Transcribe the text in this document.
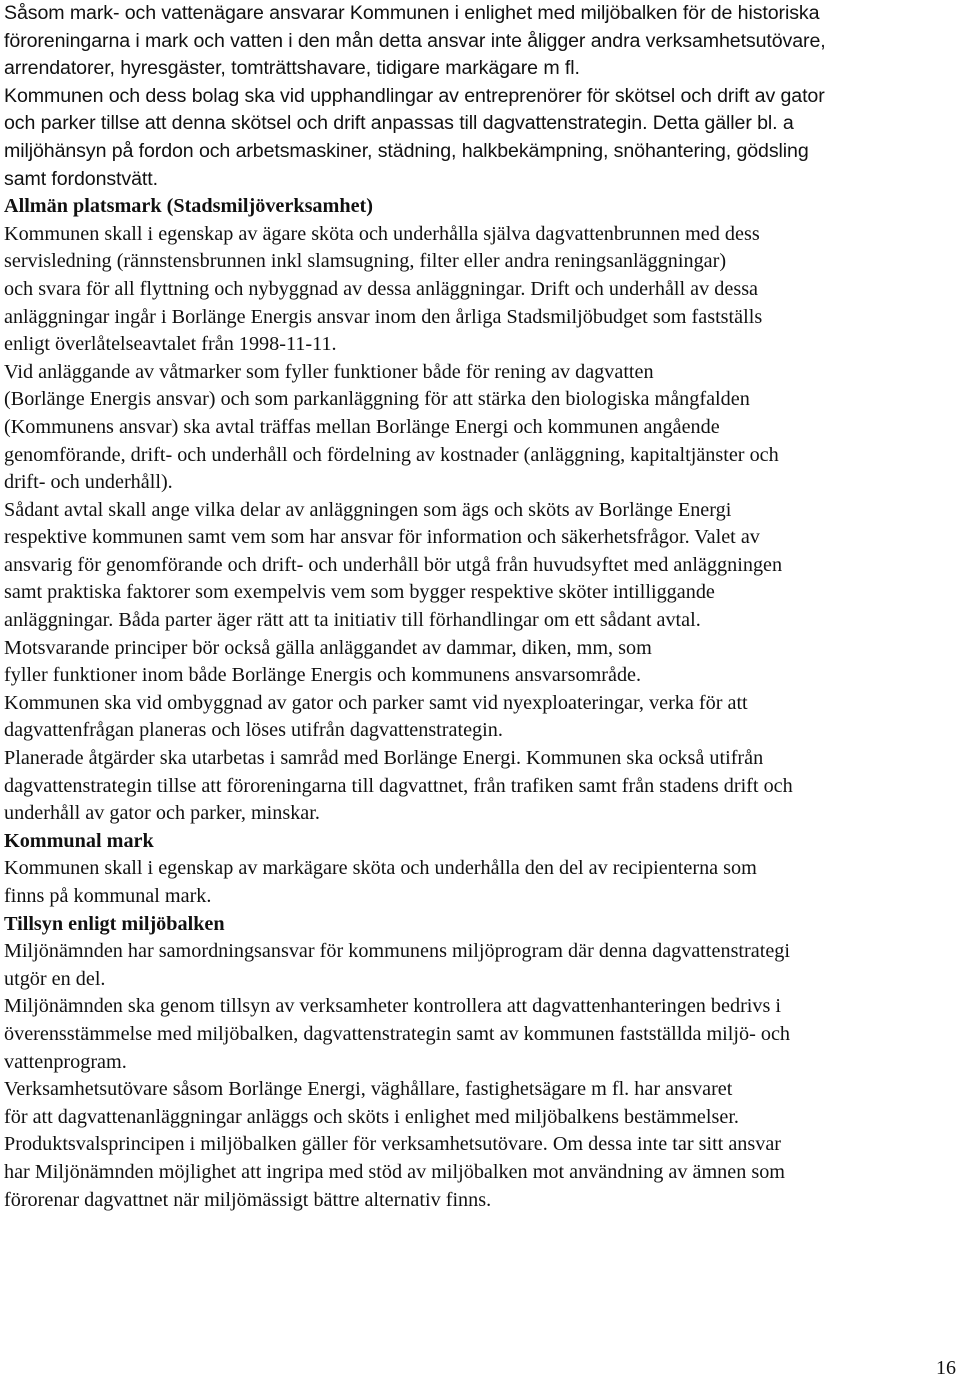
Såsom mark- och vattenägare ansvarar Kommunen i enlighet med miljöbalken för de historiska
föroreningarna i mark och vatten i den mån detta ansvar inte åligger andra verksamhetsutövare,
arrendatorer, hyresgäster, tomträttshavare, tidigare markägare m fl.

Kommunen och dess bolag ska vid upphandlingar av entreprenörer för skötsel och drift av gator
och parker tillse att denna skötsel och drift anpassas till dagvattenstrategin. Detta gäller bl. a
miljöhänsyn på fordon och arbetsmaskiner, städning, halkbekämpning, snöhantering, gödsling
samt fordonstvätt.

Allmän platsmark (Stadsmiljöverksamhet)

Kommunen skall i egenskap av ägare sköta och underhålla själva dagvattenbrunnen med dess
servisledning (rännstensbrunnen inkl slamsugning, filter eller andra reningsanläggningar)
och svara för all flyttning och nybyggnad av dessa anläggningar. Drift och underhåll av dessa
anläggningar ingår i Borlänge Energis ansvar inom den årliga Stadsmiljöbudget som fastställs
enligt överlåtelseavtalet från 1998-11-11.

Vid anläggande av våtmarker som fyller funktioner både för rening av dagvatten
(Borlänge Energis ansvar) och som parkanläggning för att stärka den biologiska mångfalden
(Kommunens ansvar) ska avtal träffas mellan Borlänge Energi och kommunen angående
genomförande, drift- och underhåll och fördelning av kostnader (anläggning, kapitaltjänster och
drift- och underhåll).

Sådant avtal skall ange vilka delar av anläggningen som ägs och sköts av Borlänge Energi
respektive kommunen samt vem som har ansvar för information och säkerhetsfrågor. Valet av
ansvarig för genomförande och drift- och underhåll bör utgå från huvudsyftet med anläggningen
samt praktiska faktorer som exempelvis vem som bygger respektive sköter intilliggande
anläggningar. Båda parter äger rätt att ta initiativ till förhandlingar om ett sådant avtal.

Motsvarande principer bör också gälla anläggandet av dammar, diken, mm, som
fyller funktioner inom både Borlänge Energis och kommunens ansvarsområde.

Kommunen ska vid ombyggnad av gator och parker samt vid nyexploateringar, verka för att
dagvattenfrågan planeras och löses utifrån dagvattenstrategin.

Planerade åtgärder ska utarbetas i samråd med Borlänge Energi. Kommunen ska också utifrån
dagvattenstrategin tillse att föroreningarna till dagvattnet, från trafiken samt från stadens drift och
underhåll av gator och parker, minskar.

Kommunal mark

Kommunen skall i egenskap av markägare sköta och underhålla den del av recipienterna som
finns på kommunal mark.

Tillsyn enligt miljöbalken

Miljönämnden har samordningsansvar för kommunens miljöprogram där denna dagvattenstrategi
utgör en del.

Miljönämnden ska genom tillsyn av verksamheter kontrollera att dagvattenhanteringen bedrivs i
överensstämmelse med miljöbalken, dagvattenstrategin samt av kommunen fastställda miljö- och
vattenprogram.

Verksamhetsutövare såsom Borlänge Energi, väghållare, fastighetsägare m fl. har ansvaret
för att dagvattenanläggningar anläggs och sköts i enlighet med miljöbalkens bestämmelser.

Produktsvalsprincipen i miljöbalken gäller för verksamhetsutövare. Om dessa inte tar sitt ansvar
har Miljönämnden möjlighet att ingripa med stöd av miljöbalken mot användning av ämnen som
förorenar dagvattnet när miljömässigt bättre alternativ finns.

16
